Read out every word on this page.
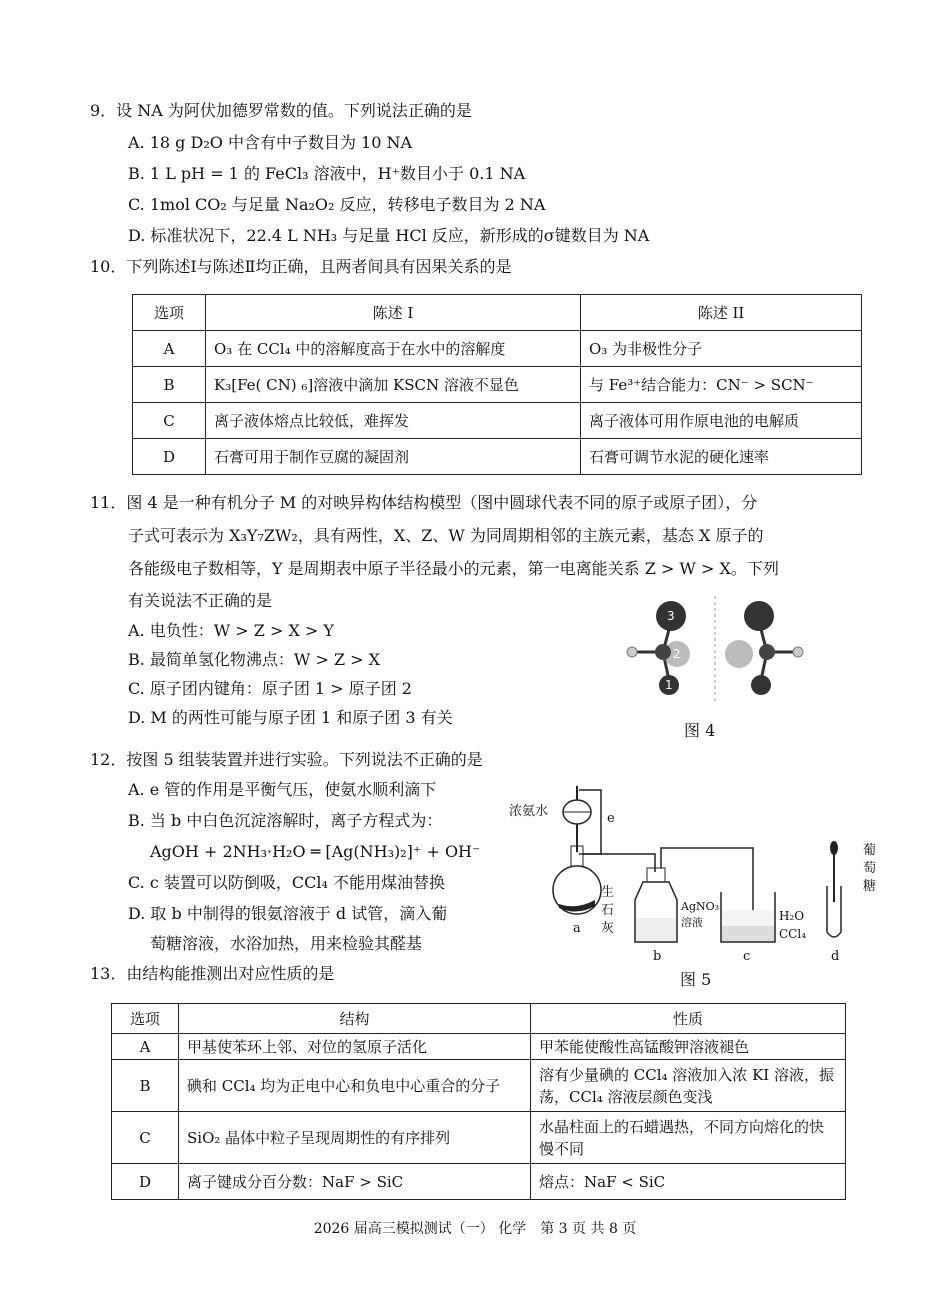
9．设 NA 为阿伏加德罗常数的值。下列说法正确的是
A. 18 g D₂O 中含有中子数目为 10 NA
B. 1 L pH = 1 的 FeCl₃ 溶液中，H⁺数目小于 0.1 NA
C. 1mol CO₂ 与足量 Na₂O₂ 反应，转移电子数目为 2 NA
D. 标准状况下，22.4 L NH₃ 与足量 HCl 反应，新形成的σ键数目为 NA
10．下列陈述Ⅰ与陈述Ⅱ均正确，且两者间具有因果关系的是
选项	陈述 I	陈述 II
A	O₃ 在 CCl₄ 中的溶解度高于在水中的溶解度	O₃ 为非极性分子
B	K₃[Fe( CN) ₆]溶液中滴加 KSCN 溶液不显色	与 Fe³⁺结合能力：CN⁻ > SCN⁻
C	离子液体熔点比较低，难挥发	离子液体可用作原电池的电解质
D	石膏可用于制作豆腐的凝固剂	石膏可调节水泥的硬化速率
11．图 4 是一种有机分子 M 的对映异构体结构模型（图中圆球代表不同的原子或原子团），分
子式可表示为 X₃Y₇ZW₂，具有两性，X、Z、W 为同周期相邻的主族元素，基态 X 原子的
各能级电子数相等，Y 是周期表中原子半径最小的元素，第一电离能关系 Z > W > X。下列
有关说法不正确的是
A. 电负性：W > Z > X > Y
B. 最简单氢化物沸点：W > Z > X
C. 原子团内键角：原子团 1 > 原子团 2
D. M 的两性可能与原子团 1 和原子团 3 有关
3
2
1
图 4
12．按图 5 组装装置并进行实验。下列说法不正确的是
A. e 管的作用是平衡气压，使氨水顺利滴下
B. 当 b 中白色沉淀溶解时，离子方程式为：
AgOH + 2NH₃·H₂O ═ [Ag(NH₃)₂]⁺ + OH⁻
C. c 装置可以防倒吸，CCl₄ 不能用煤油替换
D. 取 b 中制得的银氨溶液于 d 试管，滴入葡
萄糖溶液，水浴加热，用来检验其醛基
浓氨水	e
生
石
灰
a
AgNO₃
溶液
b
H₂O
CCl₄
c
葡
萄
糖
d
图 5
13．由结构能推测出对应性质的是
选项	结构	性质
A	甲基使苯环上邻、对位的氢原子活化	甲苯能使酸性高锰酸钾溶液褪色
B	碘和 CCl₄ 均为正电中心和负电中心重合的分子	溶有少量碘的 CCl₄ 溶液加入浓 KI 溶液，振荡，CCl₄ 溶液层颜色变浅
C	SiO₂ 晶体中粒子呈现周期性的有序排列	水晶柱面上的石蜡遇热，不同方向熔化的快慢不同
D	离子键成分百分数：NaF > SiC	熔点：NaF < SiC
2026 届高三模拟测试（一） 化学　第 3 页 共 8 页
